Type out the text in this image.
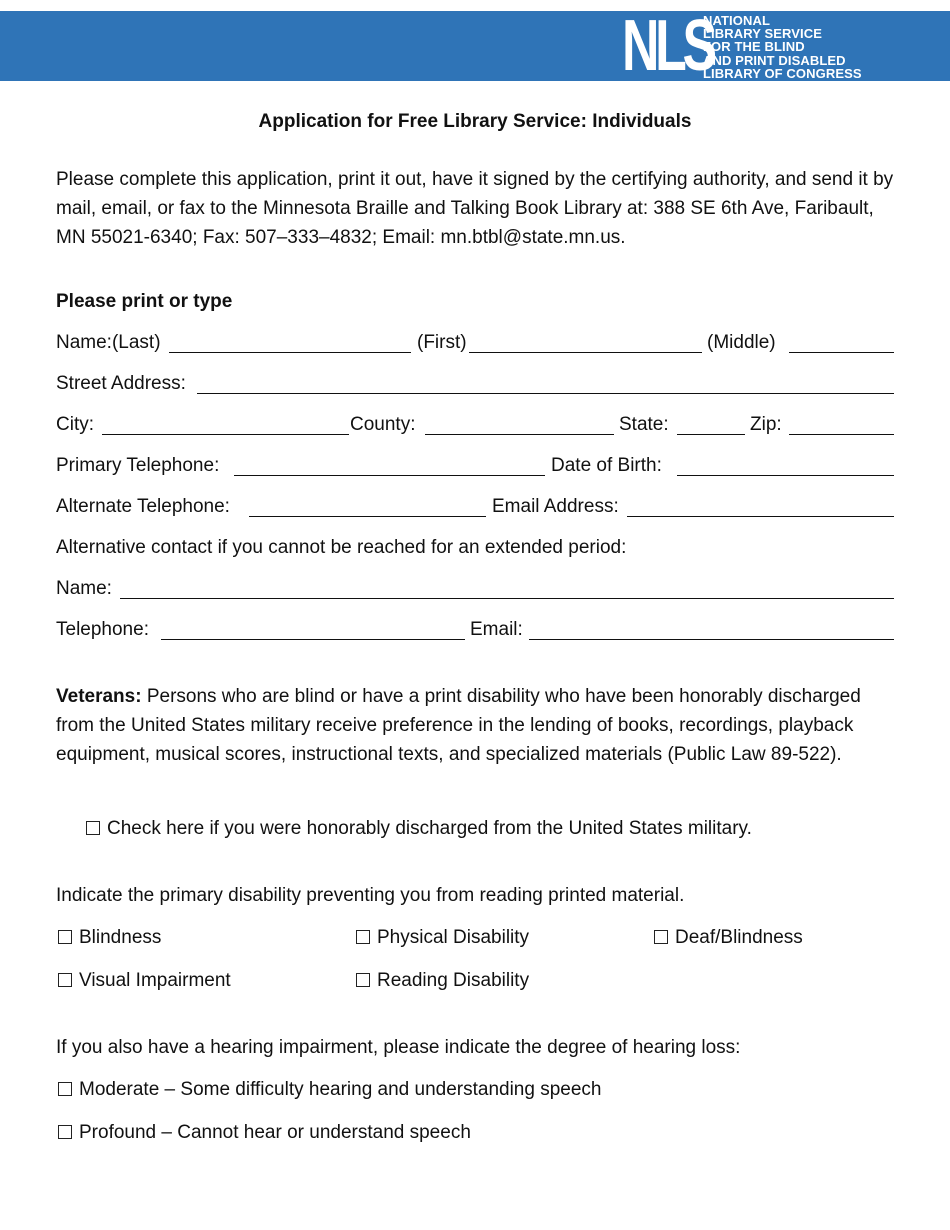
NLS
NATIONAL
LIBRARY SERVICE
FOR THE BLIND
AND PRINT DISABLED
LIBRARY OF CONGRESS
Application for Free Library Service: Individuals
Please complete this application, print it out, have it signed by the certifying authority, and send it by mail, email, or fax to the Minnesota Braille and Talking Book Library at: 388 SE 6th Ave, Faribault, MN 55021-6340; Fax: 507–333–4832; Email: mn.btbl@state.mn.us.
Please print or type
Name:(Last)	(First)	(Middle)
Street Address:
City:	County:	State:	Zip:
Primary Telephone:	Date of Birth:
Alternate Telephone:	Email Address:
Alternative contact if you cannot be reached for an extended period:
Name:
Telephone:	Email:
Veterans: Persons who are blind or have a print disability who have been honorably discharged from the United States military receive preference in the lending of books, recordings, playback equipment, musical scores, instructional texts, and specialized materials (Public Law 89-522).
Check here if you were honorably discharged from the United States military.
Indicate the primary disability preventing you from reading printed material.
Blindness	Physical Disability	Deaf/Blindness
Visual Impairment	Reading Disability
If you also have a hearing impairment, please indicate the degree of hearing loss:
Moderate – Some difficulty hearing and understanding speech
Profound – Cannot hear or understand speech
